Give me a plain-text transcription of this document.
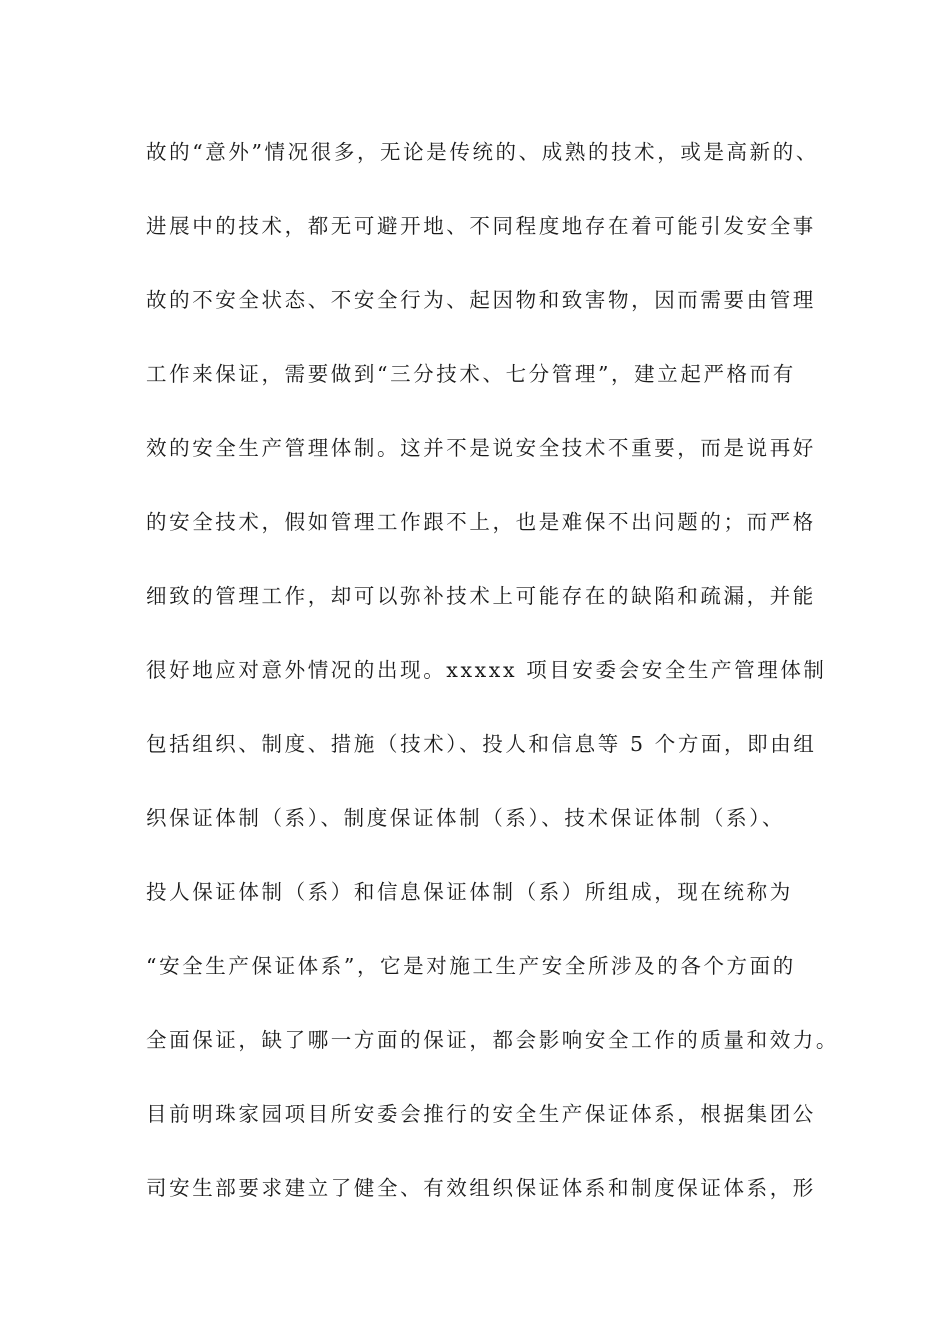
故的“意外”情况很多，无论是传统的、成熟的技术，或是高新的、
进展中的技术，都无可避开地、不同程度地存在着可能引发安全事
故的不安全状态、不安全行为、起因物和致害物，因而需要由管理
工作来保证，需要做到“三分技术、七分管理”，建立起严格而有
效的安全生产管理体制。这并不是说安全技术不重要，而是说再好
的安全技术，假如管理工作跟不上，也是难保不出问题的；而严格
细致的管理工作，却可以弥补技术上可能存在的缺陷和疏漏，并能
很好地应对意外情况的出现。xxxxx 项目安委会安全生产管理体制
包括组织、制度、措施（技术）、投人和信息等 5 个方面，即由组
织保证体制（系）、制度保证体制（系）、技术保证体制（系）、
投人保证体制（系）和信息保证体制（系）所组成，现在统称为
“安全生产保证体系”，它是对施工生产安全所涉及的各个方面的
全面保证，缺了哪一方面的保证，都会影响安全工作的质量和效力。
目前明珠家园项目所安委会推行的安全生产保证体系，根据集团公
司安生部要求建立了健全、有效组织保证体系和制度保证体系，形
